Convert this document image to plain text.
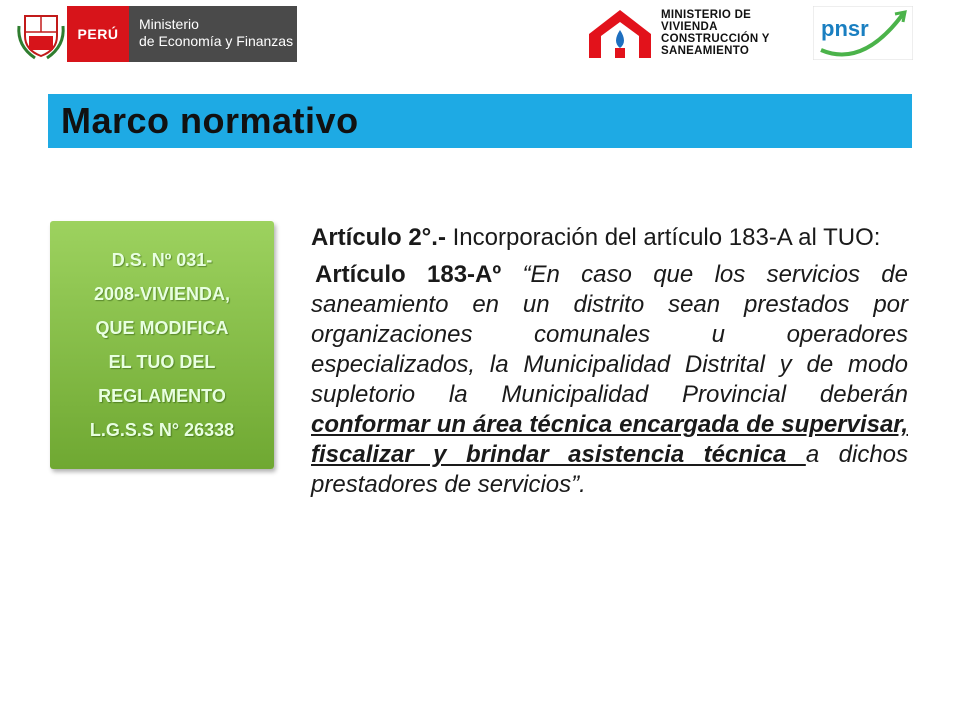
PERÚ
Ministerio
de Economía y Finanzas
MINISTERIO DE
VIVIENDA
CONSTRUCCIÓN Y
SANEAMIENTO
pnsr
Marco normativo
D.S. Nº 031-
2008-VIVIENDA,
QUE MODIFICA
EL TUO DEL
REGLAMENTO
L.G.S.S N° 26338

Artículo 2°.- Incorporación del artículo 183-A al TUO:

Artículo 183-Aº “En caso que los servicios de saneamiento en un distrito sean prestados por organizaciones comunales u operadores especializados, la Municipalidad Distrital y de modo supletorio la Municipalidad Provincial deberán conformar un área técnica encargada de supervisar, fiscalizar y brindar asistencia técnica a dichos prestadores de servicios”.
